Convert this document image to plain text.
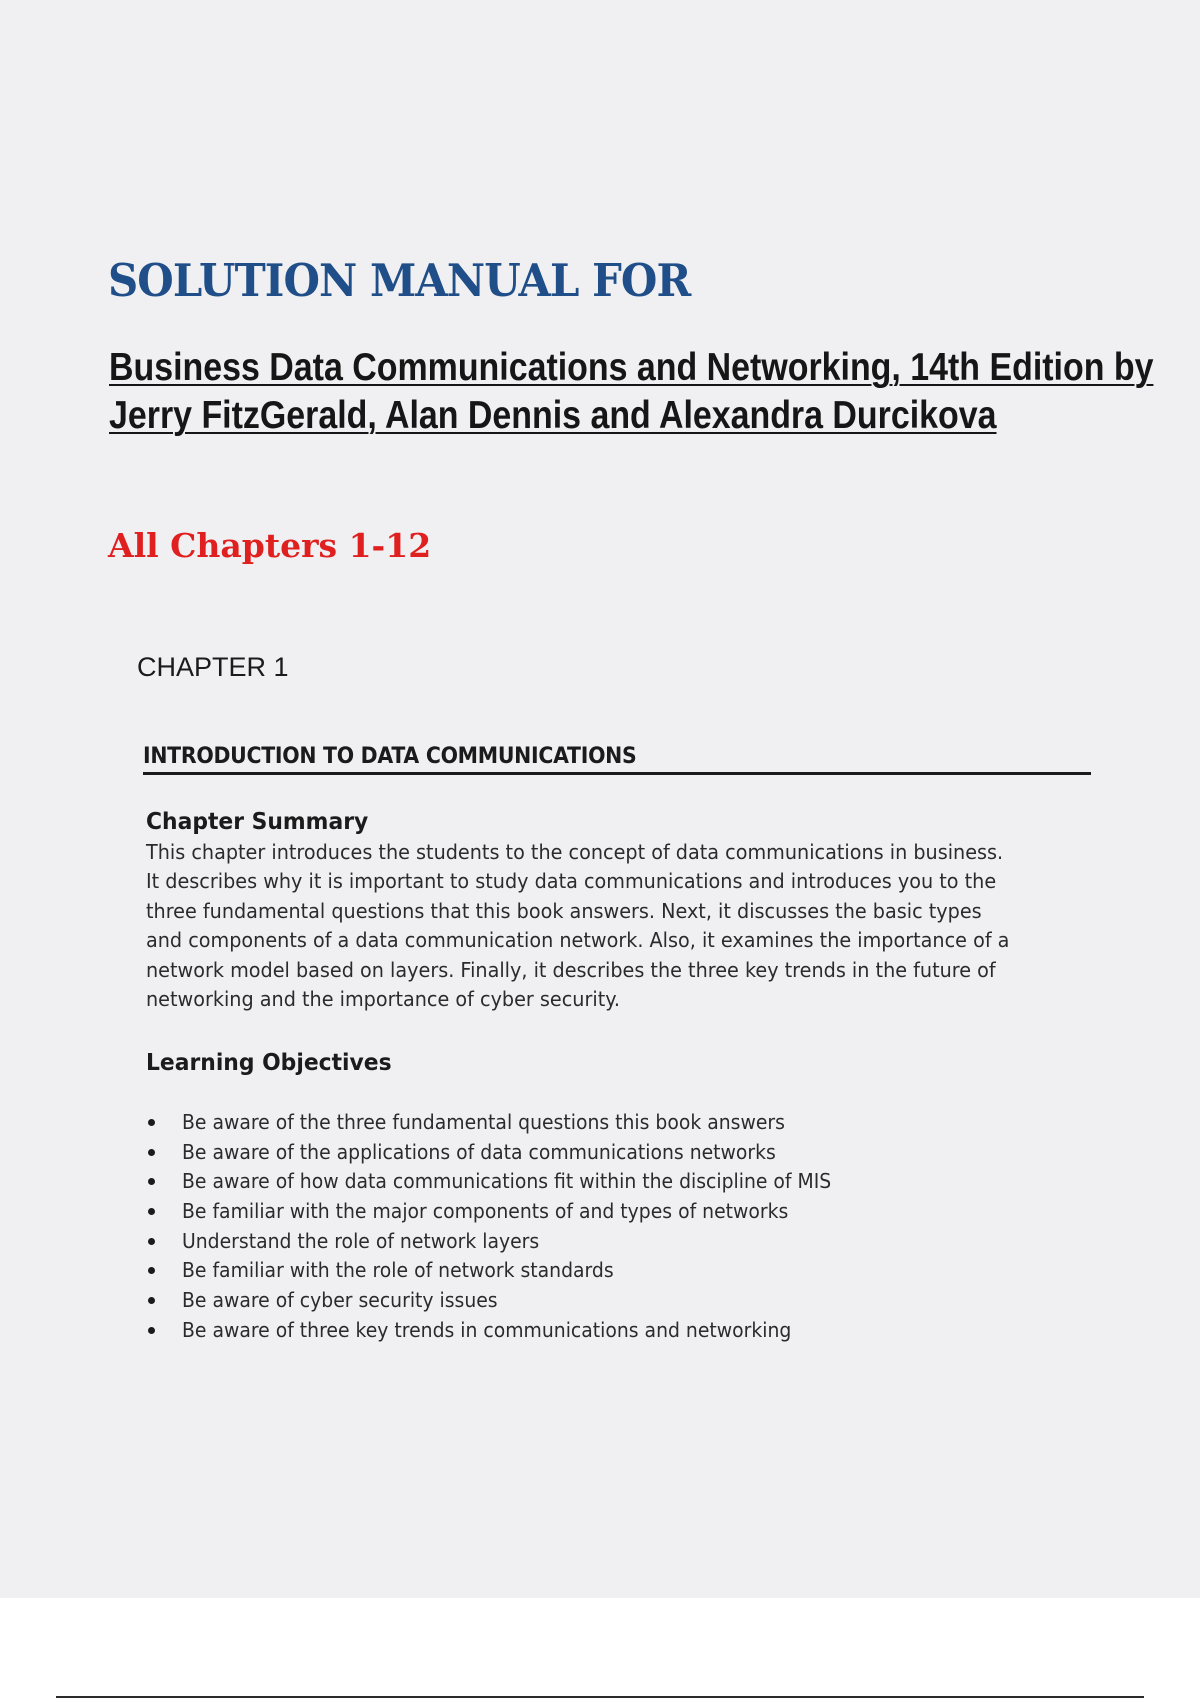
SOLUTION MANUAL FOR
Business Data Communications and Networking, 14th Edition by
Jerry FitzGerald, Alan Dennis and Alexandra Durcikova

All Chapters 1-12

CHAPTER 1

INTRODUCTION TO DATA COMMUNICATIONS
Chapter Summary

This chapter introduces the students to the concept of data communications in business.
It describes why it is important to study data communications and introduces you to the
three fundamental questions that this book answers. Next, it discusses the basic types
and components of a data communication network. Also, it examines the importance of a
network model based on layers. Finally, it describes the three key trends in the future of
networking and the importance of cyber security.

Learning Objectives
Be aware of the three fundamental questions this book answers
Be aware of the applications of data communications networks
Be aware of how data communications fit within the discipline of MIS
Be familiar with the major components of and types of networks
Understand the role of network layers
Be familiar with the role of network standards
Be aware of cyber security issues
Be aware of three key trends in communications and networking
